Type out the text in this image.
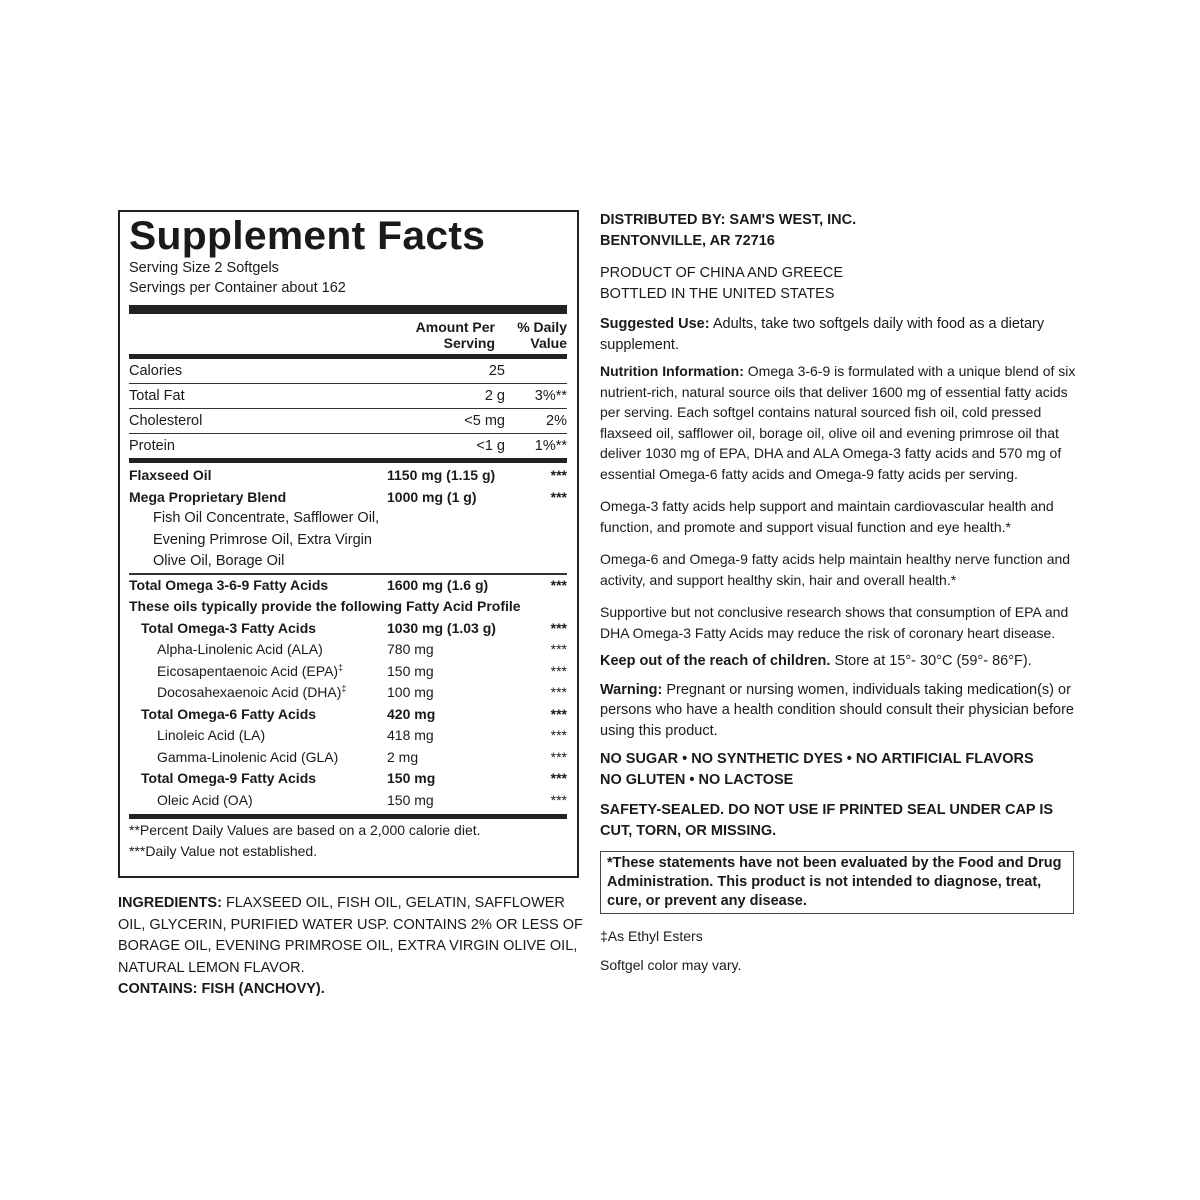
Supplement Facts
Serving Size 2 Softgels
Servings per Container about 162
Amount Per Serving
% Daily Value
Calories	25
Total Fat	2 g	3%**
Cholesterol	<5 mg	2%
Protein	<1 g	1%**
Flaxseed Oil	1150 mg (1.15 g)	***
Mega Proprietary Blend	1000 mg (1 g)	***
Fish Oil Concentrate, Safflower Oil,
Evening Primrose Oil, Extra Virgin
Olive Oil, Borage Oil
Total Omega 3-6-9 Fatty Acids	1600 mg (1.6 g)	***
These oils typically provide the following Fatty Acid Profile
Total Omega-3 Fatty Acids	1030 mg (1.03 g)	***
Alpha-Linolenic Acid (ALA)	780 mg	***
Eicosapentaenoic Acid (EPA)‡	150 mg	***
Docosahexaenoic Acid (DHA)‡	100 mg	***
Total Omega-6 Fatty Acids	420 mg	***
Linoleic Acid (LA)	418 mg	***
Gamma-Linolenic Acid (GLA)	2 mg	***
Total Omega-9 Fatty Acids	150 mg	***
Oleic Acid (OA)	150 mg	***
**Percent Daily Values are based on a 2,000 calorie diet.
***Daily Value not established.
INGREDIENTS: FLAXSEED OIL, FISH OIL, GELATIN, SAFFLOWER OIL, GLYCERIN, PURIFIED WATER USP. CONTAINS 2% OR LESS OF BORAGE OIL, EVENING PRIMROSE OIL, EXTRA VIRGIN OLIVE OIL, NATURAL LEMON FLAVOR.
CONTAINS: FISH (ANCHOVY).

DISTRIBUTED BY: SAM'S WEST, INC.

BENTONVILLE, AR 72716

PRODUCT OF CHINA AND GREECE

BOTTLED IN THE UNITED STATES

Suggested Use: Adults, take two softgels daily with food as a dietary supplement.

Nutrition Information: Omega 3-6-9 is formulated with a unique blend of six nutrient-rich, natural source oils that deliver 1600 mg of essential fatty acids per serving. Each softgel contains natural sourced fish oil, cold pressed flaxseed oil, safflower oil, borage oil, olive oil and evening primrose oil that deliver 1030 mg of EPA, DHA and ALA Omega-3 fatty acids and 570 mg of essential Omega-6 fatty acids and Omega-9 fatty acids per serving.

Omega-3 fatty acids help support and maintain cardiovascular health and function, and promote and support visual function and eye health.*

Omega-6 and Omega-9 fatty acids help maintain healthy nerve function and activity, and support healthy skin, hair and overall health.*

Supportive but not conclusive research shows that consumption of EPA and DHA Omega-3 Fatty Acids may reduce the risk of coronary heart disease.

Keep out of the reach of children. Store at 15°- 30°C (59°- 86°F).

Warning: Pregnant or nursing women, individuals taking medication(s) or persons who have a health condition should consult their physician before using this product.

NO SUGAR • NO SYNTHETIC DYES • NO ARTIFICIAL FLAVORS

NO GLUTEN • NO LACTOSE

SAFETY-SEALED. DO NOT USE IF PRINTED SEAL UNDER CAP IS CUT, TORN, OR MISSING.

*These statements have not been evaluated by the Food and Drug Administration. This product is not intended to diagnose, treat, cure, or prevent any disease.

‡As Ethyl Esters

Softgel color may vary.
